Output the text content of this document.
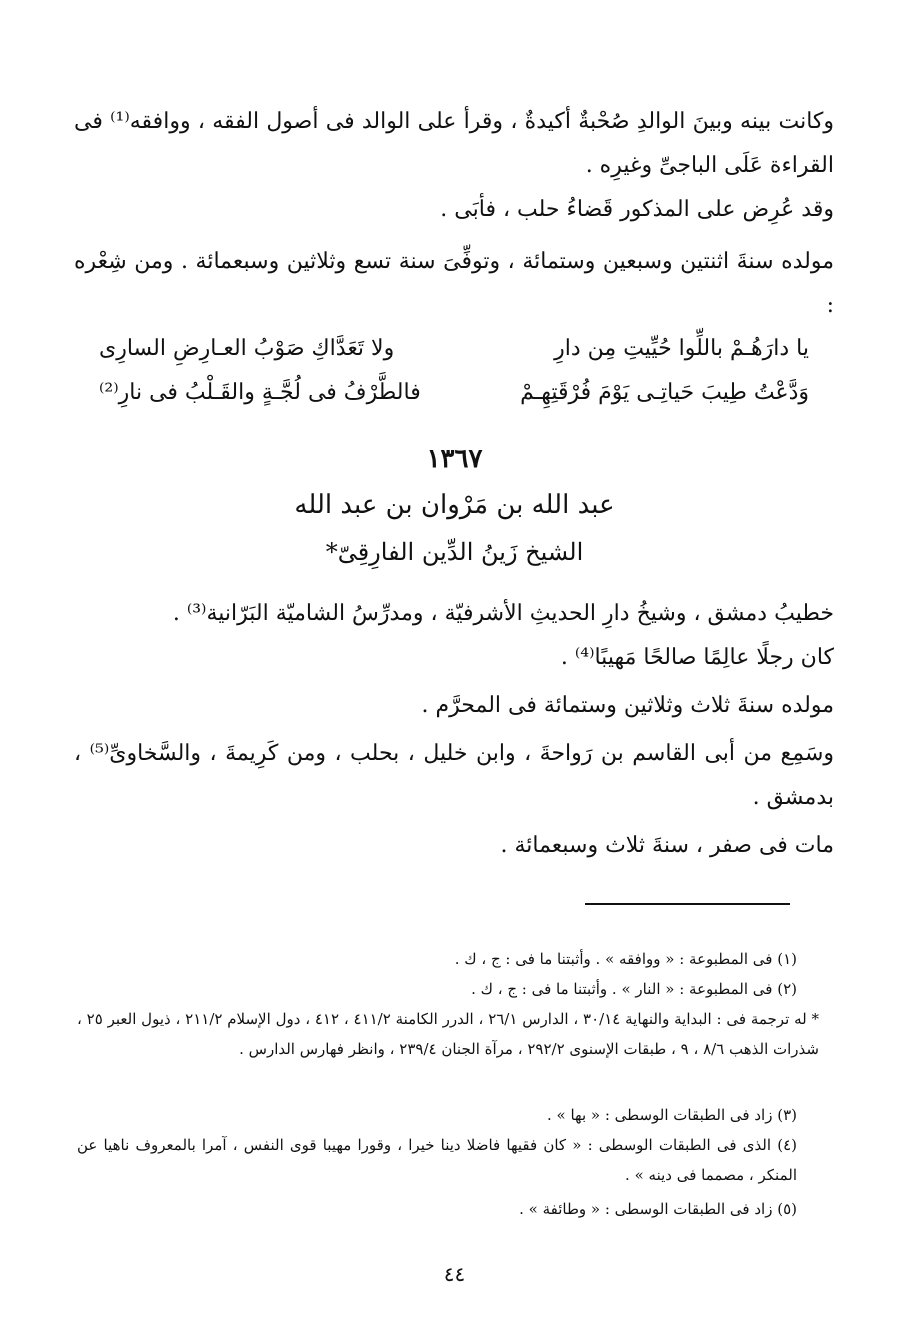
وكانت بينه وبينَ الوالدِ صُحْبةٌ أكيدةٌ ، وقرأ على الوالد فى أصول الفقه ، ووافقه⁽¹⁾ فى القراءة عَلَى الباجىِّ وغيرِه .
وقد عُرِض على المذكور قَضاءُ حلب ، فأبَى .
مولده سنةَ اثنتين وسبعين وستمائة ، وتوفِّىَ سنة تسع وثلاثين وسبعمائة . ومن شِعْره :
يا دارَهُـمْ باللِّوا حُيِّيتِ مِن دارِ
ولا تَعَدَّاكِ صَوْبُ العـارِضِ السارِى
وَدَّعْتُ طِيبَ حَياتِـى يَوْمَ فُرْقَتِهِـمْ
فالطَّرْفُ فى لُجَّـةٍ والقَـلْبُ فى نارِ⁽²⁾
١٣٦٧
عبد الله بن مَرْوان بن عبد الله
الشيخ زَينُ الدِّين الفارِقِىّ*
خطيبُ دمشق ، وشيخُ دارِ الحديثِ الأشرفيّة ، ومدرِّسُ الشاميّة البَرّانية⁽³⁾ .
كان رجلًا عالِمًا صالحًا مَهيبًا⁽⁴⁾ .
مولده سنةَ ثلاث وثلاثين وستمائة فى المحرَّم .
وسَمِع من أبى القاسم بن رَواحةَ ، وابن خليل ، بحلب ، ومن كَرِيمةَ ، والسَّخاوىِّ⁽⁵⁾ ، بدمشق .
مات فى صفر ، سنةَ ثلاث وسبعمائة .
(١) فى المطبوعة : « ووافقه » . وأثبتنا ما فى : ج ، ك .
(٢) فى المطبوعة : « النار » . وأثبتنا ما فى : ج ، ك .
* له ترجمة فى : البداية والنهاية ٣٠/١٤ ، الدارس ٢٦/١ ، الدرر الكامنة ٤١١/٢ ، ٤١٢ ، دول الإسلام ٢١١/٢ ، ذيول العبر ٢٥ ، شذرات الذهب ٨/٦ ، ٩ ، طبقات الإسنوى ٢٩٢/٢ ، مرآة الجنان ٢٣٩/٤ ، وانظر فهارس الدارس .
(٣) زاد فى الطبقات الوسطى : « بها » .
(٤) الذى فى الطبقات الوسطى : « كان فقيها فاضلا دينا خيرا ، وقورا مهيبا قوى النفس ، آمرا بالمعروف ناهيا عن المنكر ، مصمما فى دينه » .
(٥) زاد فى الطبقات الوسطى : « وطائفة » .
٤٤
